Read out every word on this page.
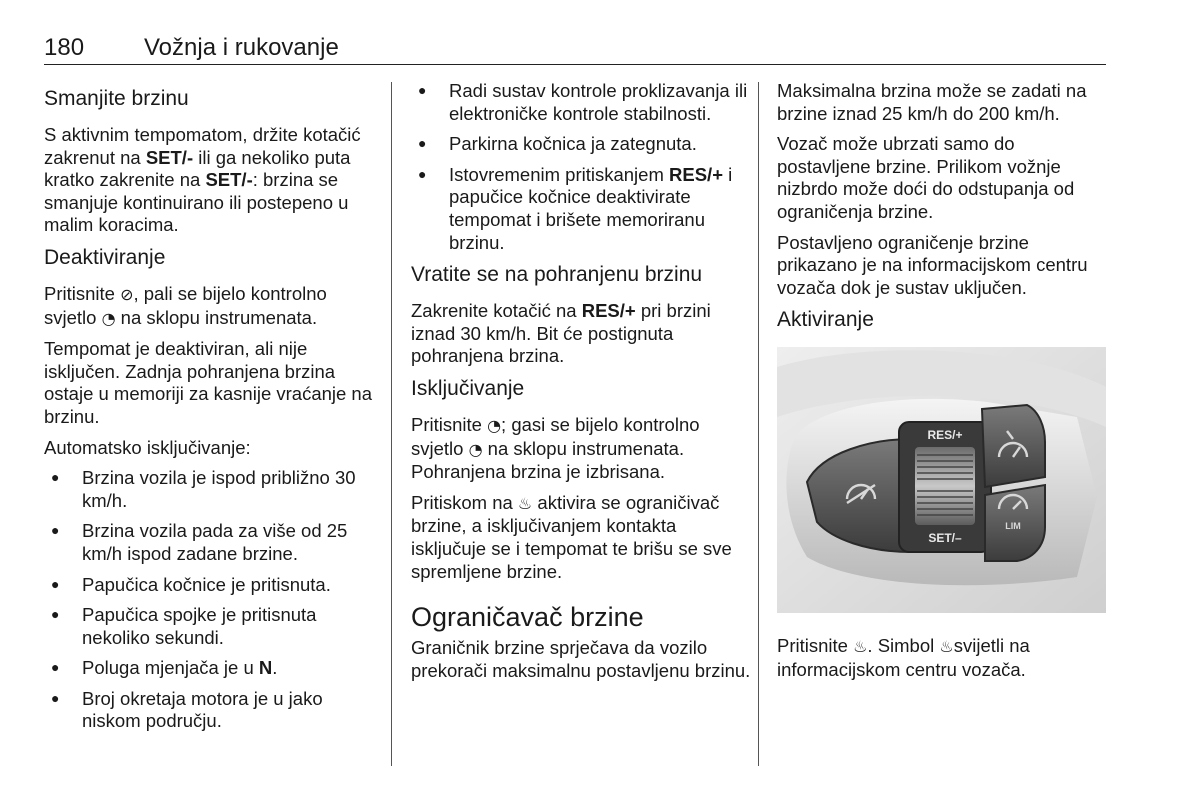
180 Vožnja i rukovanje
Smanjite brzinu

S aktivnim tempomatom, držite kotačić zakrenut na SET/- ili ga nekoliko puta kratko zakrenite na SET/-: brzina se smanjuje kontinuirano ili postepeno u malim koracima.

Deaktiviranje

Pritisnite ⊘, pali se bijelo kontrolno svjetlo ◔ na sklopu instrumenata.

Tempomat je deaktiviran, ali nije isključen. Zadnja pohranjena brzina ostaje u memoriji za kasnije vraćanje na brzinu.

Automatsko isključivanje:

● Brzina vozila je ispod približno 30 km/h.
● Brzina vozila pada za više od 25 km/h ispod zadane brzine.
● Papučica kočnice je pritisnuta.
● Papučica spojke je pritisnuta nekoliko sekundi.
● Poluga mjenjača je u N.
● Broj okretaja motora je u jako niskom području.
● Radi sustav kontrole proklizavanja ili elektroničke kontrole stabilnosti.
● Parkirna kočnica ja zategnuta.
● Istovremenim pritiskanjem RES/+ i papučice kočnice deaktivirate tempomat i brišete memoriranu brzinu.
Vratite se na pohranjenu brzinu

Zakrenite kotačić na RES/+ pri brzini iznad 30 km/h. Bit će postignuta pohranjena brzina.

Isključivanje

Pritisnite ◔; gasi se bijelo kontrolno svjetlo ◔ na sklopu instrumenata. Pohranjena brzina je izbrisana.

Pritiskom na ♨ aktivira se ograničivač brzine, a isključivanjem kontakta isključuje se i tempomat te brišu se sve spremljene brzine.

Ograničavač brzine

Graničnik brzine sprječava da vozilo prekorači maksimalnu postavljenu brzinu.

Maksimalna brzina može se zadati na brzine iznad 25 km/h do 200 km/h.

Vozač može ubrzati samo do postavljene brzine. Prilikom vožnje nizbrdo može doći do odstupanja od ograničenja brzine.

Postavljeno ograničenje brzine prikazano je na informacijskom centru vozača dok je sustav uključen.

Aktiviranje
RES/+
SET/–
LIM

Pritisnite ♨. Simbol ♨svijetli na informacijskom centru vozača.
